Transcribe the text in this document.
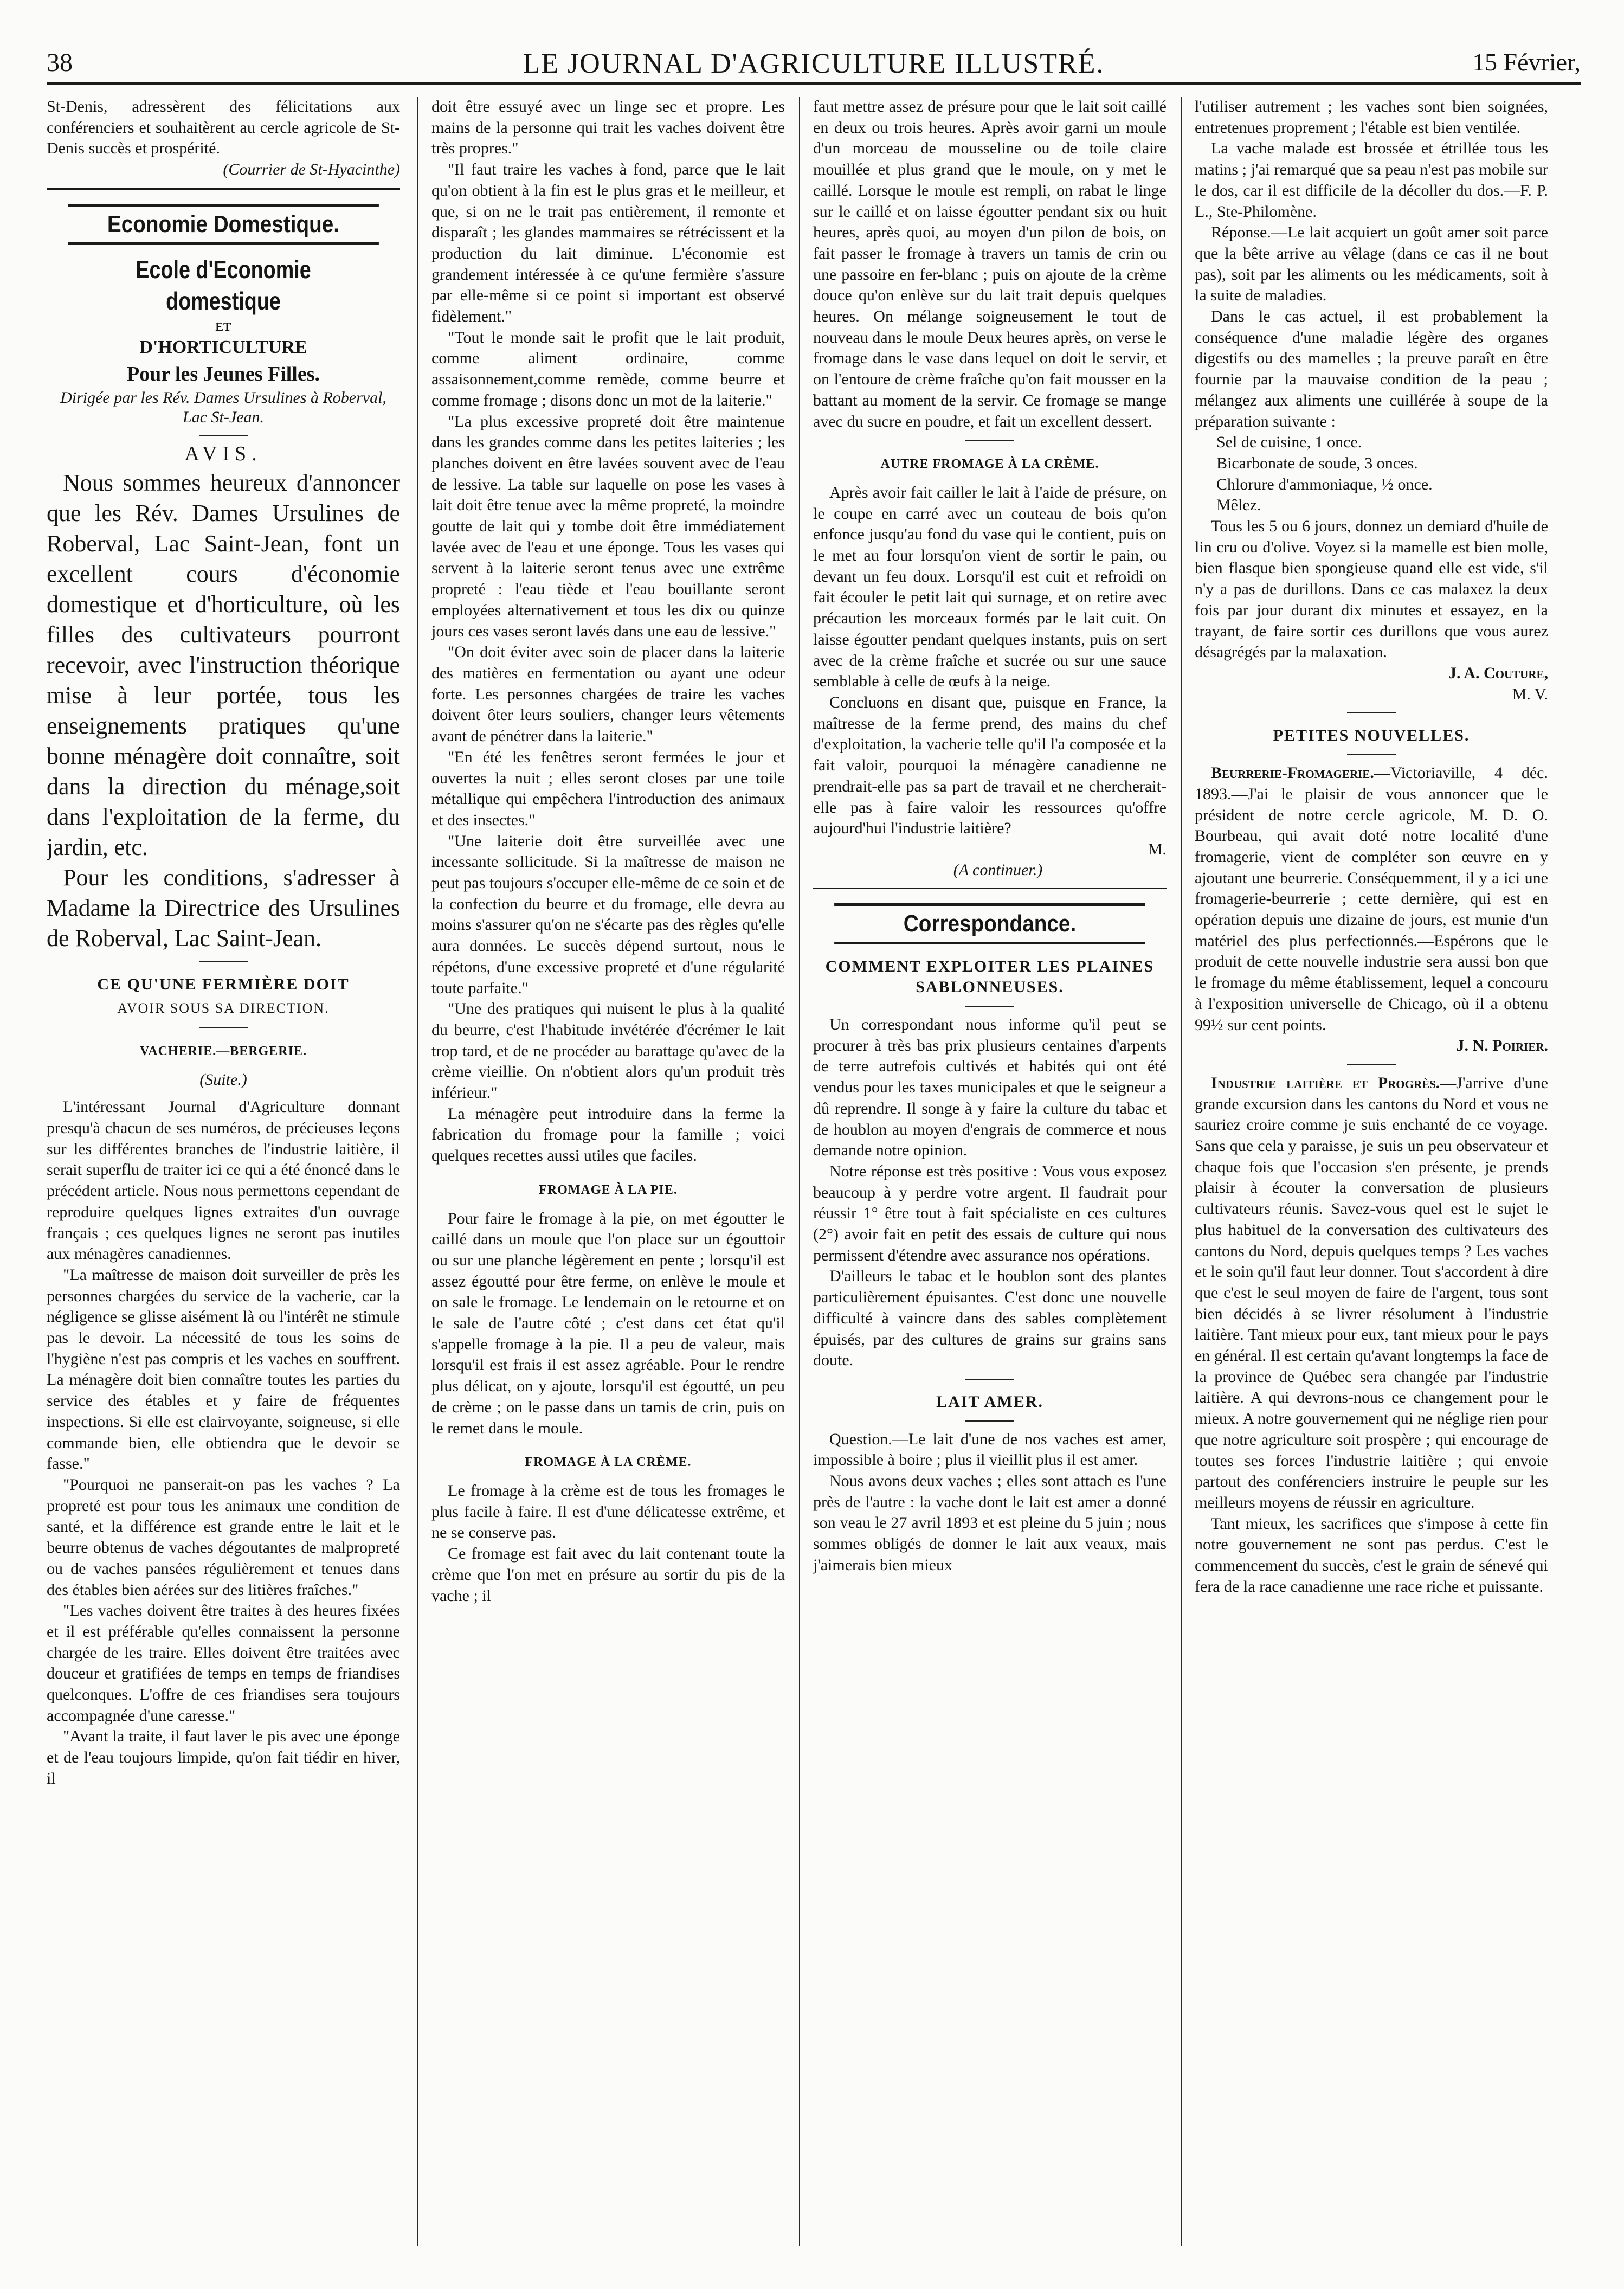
38	LE JOURNAL D'AGRICULTURE ILLUSTRÉ.	15 Février,

St-Denis, adressèrent des félicitations aux conférenciers et souhaitèrent au cercle agricole de St-Denis succès et prospérité.

(Courrier de St-Hyacinthe)

Economie Domestique.
Ecole d'Economie domestique
ET
D'HORTICULTURE
Pour les Jeunes Filles.
Dirigée par les Rév. Dames Ursulines à Roberval, Lac St-Jean.
AVIS.

Nous sommes heureux d'annoncer que les Rév. Dames Ursulines de Roberval, Lac Saint-Jean, font un excellent cours d'économie domestique et d'horticulture, où les filles des cultivateurs pourront recevoir, avec l'instruction théorique mise à leur portée, tous les enseignements pratiques qu'une bonne ménagère doit connaître, soit dans la direction du ménage,soit dans l'exploitation de la ferme, du jardin, etc.

Pour les conditions, s'adresser à Madame la Directrice des Ursulines de Roberval, Lac Saint-Jean.

CE QU'UNE FERMIÈRE DOIT
AVOIR SOUS SA DIRECTION.
VACHERIE.—BERGERIE.
(Suite.)

L'intéressant Journal d'Agriculture donnant presqu'à chacun de ses numéros, de précieuses leçons sur les différentes branches de l'industrie laitière, il serait superflu de traiter ici ce qui a été énoncé dans le précédent article. Nous nous permettons cependant de reproduire quelques lignes extraites d'un ouvrage français ; ces quelques lignes ne seront pas inutiles aux ménagères canadiennes.

"La maîtresse de maison doit surveiller de près les personnes chargées du service de la vacherie, car la négligence se glisse aisément là ou l'intérêt ne stimule pas le devoir. La nécessité de tous les soins de l'hygiène n'est pas compris et les vaches en souffrent. La ménagère doit bien connaître toutes les parties du service des étables et y faire de fréquentes inspections. Si elle est clairvoyante, soigneuse, si elle commande bien, elle obtiendra que le devoir se fasse."

"Pourquoi ne panserait-on pas les vaches ? La propreté est pour tous les animaux une condition de santé, et la différence est grande entre le lait et le beurre obtenus de vaches dégoutantes de malpropreté ou de vaches pansées régulièrement et tenues dans des étables bien aérées sur des litières fraîches."

"Les vaches doivent être traites à des heures fixées et il est préférable qu'elles connaissent la personne chargée de les traire. Elles doivent être traitées avec douceur et gratifiées de temps en temps de friandises quelconques. L'offre de ces friandises sera toujours accompagnée d'une caresse."

"Avant la traite, il faut laver le pis avec une éponge et de l'eau toujours limpide, qu'on fait tiédir en hiver, il

doit être essuyé avec un linge sec et propre. Les mains de la personne qui trait les vaches doivent être très propres."

"Il faut traire les vaches à fond, parce que le lait qu'on obtient à la fin est le plus gras et le meilleur, et que, si on ne le trait pas entièrement, il remonte et disparaît ; les glandes mammaires se rétrécissent et la production du lait diminue. L'économie est grandement intéressée à ce qu'une fermière s'assure par elle-même si ce point si important est observé fidèlement."

"Tout le monde sait le profit que le lait produit, comme aliment ordinaire, comme assaisonnement,comme remède, comme beurre et comme fromage ; disons donc un mot de la laiterie."

"La plus excessive propreté doit être maintenue dans les grandes comme dans les petites laiteries ; les planches doivent en être lavées souvent avec de l'eau de lessive. La table sur laquelle on pose les vases à lait doit être tenue avec la même propreté, la moindre goutte de lait qui y tombe doit être immédiatement lavée avec de l'eau et une éponge. Tous les vases qui servent à la laiterie seront tenus avec une extrême propreté : l'eau tiède et l'eau bouillante seront employées alternativement et tous les dix ou quinze jours ces vases seront lavés dans une eau de lessive."

"On doit éviter avec soin de placer dans la laiterie des matières en fermentation ou ayant une odeur forte. Les personnes chargées de traire les vaches doivent ôter leurs souliers, changer leurs vêtements avant de pénétrer dans la laiterie."

"En été les fenêtres seront fermées le jour et ouvertes la nuit ; elles seront closes par une toile métallique qui empêchera l'introduction des animaux et des insectes."

"Une laiterie doit être surveillée avec une incessante sollicitude. Si la maîtresse de maison ne peut pas toujours s'occuper elle-même de ce soin et de la confection du beurre et du fromage, elle devra au moins s'assurer qu'on ne s'écarte pas des règles qu'elle aura données. Le succès dépend surtout, nous le répétons, d'une excessive propreté et d'une régularité toute parfaite."

"Une des pratiques qui nuisent le plus à la qualité du beurre, c'est l'habitude invétérée d'écrémer le lait trop tard, et de ne procéder au barattage qu'avec de la crème vieillie. On n'obtient alors qu'un produit très inférieur."

La ménagère peut introduire dans la ferme la fabrication du fromage pour la famille ; voici quelques recettes aussi utiles que faciles.

FROMAGE À LA PIE.

Pour faire le fromage à la pie, on met égoutter le caillé dans un moule que l'on place sur un égouttoir ou sur une planche légèrement en pente ; lorsqu'il est assez égoutté pour être ferme, on enlève le moule et on sale le fromage. Le lendemain on le retourne et on le sale de l'autre côté ; c'est dans cet état qu'il s'appelle fromage à la pie. Il a peu de valeur, mais lorsqu'il est frais il est assez agréable. Pour le rendre plus délicat, on y ajoute, lorsqu'il est égoutté, un peu de crème ; on le passe dans un tamis de crin, puis on le remet dans le moule.

FROMAGE À LA CRÈME.

Le fromage à la crème est de tous les fromages le plus facile à faire. Il est d'une délicatesse extrême, et ne se conserve pas.

Ce fromage est fait avec du lait contenant toute la crème que l'on met en présure au sortir du pis de la vache ; il

faut mettre assez de présure pour que le lait soit caillé en deux ou trois heures. Après avoir garni un moule d'un morceau de mousseline ou de toile claire mouillée et plus grand que le moule, on y met le caillé. Lorsque le moule est rempli, on rabat le linge sur le caillé et on laisse égoutter pendant six ou huit heures, après quoi, au moyen d'un pilon de bois, on fait passer le fromage à travers un tamis de crin ou une passoire en fer-blanc ; puis on ajoute de la crème douce qu'on enlève sur du lait trait depuis quelques heures. On mélange soigneusement le tout de nouveau dans le moule Deux heures après, on verse le fromage dans le vase dans lequel on doit le servir, et on l'entoure de crème fraîche qu'on fait mousser en la battant au moment de la servir. Ce fromage se mange avec du sucre en poudre, et fait un excellent dessert.

AUTRE FROMAGE À LA CRÈME.

Après avoir fait cailler le lait à l'aide de présure, on le coupe en carré avec un couteau de bois qu'on enfonce jusqu'au fond du vase qui le contient, puis on le met au four lorsqu'on vient de sortir le pain, ou devant un feu doux. Lorsqu'il est cuit et refroidi on fait écouler le petit lait qui surnage, et on retire avec précaution les morceaux formés par le lait cuit. On laisse égoutter pendant quelques instants, puis on sert avec de la crème fraîche et sucrée ou sur une sauce semblable à celle de œufs à la neige.

Concluons en disant que, puisque en France, la maîtresse de la ferme prend, des mains du chef d'exploitation, la vacherie telle qu'il l'a composée et la fait valoir, pourquoi la ménagère canadienne ne prendrait-elle pas sa part de travail et ne chercherait-elle pas à faire valoir les ressources qu'offre aujourd'hui l'industrie laitière?

M.

(A continuer.)

Correspondance.
COMMENT EXPLOITER LES PLAINES SABLONNEUSES.

Un correspondant nous informe qu'il peut se procurer à très bas prix plusieurs centaines d'arpents de terre autrefois cultivés et habités qui ont été vendus pour les taxes municipales et que le seigneur a dû reprendre. Il songe à y faire la culture du tabac et de houblon au moyen d'engrais de commerce et nous demande notre opinion.

Notre réponse est très positive : Vous vous exposez beaucoup à y perdre votre argent. Il faudrait pour réussir 1° être tout à fait spécialiste en ces cultures (2°) avoir fait en petit des essais de culture qui nous permissent d'étendre avec assurance nos opérations.

D'ailleurs le tabac et le houblon sont des plantes particulièrement épuisantes. C'est donc une nouvelle difficulté à vaincre dans des sables complètement épuisés, par des cultures de grains sur grains sans doute.

LAIT AMER.

Question.—Le lait d'une de nos vaches est amer, impossible à boire ; plus il vieillit plus il est amer.

Nous avons deux vaches ; elles sont attach es l'une près de l'autre : la vache dont le lait est amer a donné son veau le 27 avril 1893 et est pleine du 5 juin ; nous sommes obligés de donner le lait aux veaux, mais j'aimerais bien mieux

l'utiliser autrement ; les vaches sont bien soignées, entretenues proprement ; l'étable est bien ventilée.

La vache malade est brossée et étrillée tous les matins ; j'ai remarqué que sa peau n'est pas mobile sur le dos, car il est difficile de la décoller du dos.—F. P. L., Ste-Philomène.

Réponse.—Le lait acquiert un goût amer soit parce que la bête arrive au vêlage (dans ce cas il ne bout pas), soit par les aliments ou les médicaments, soit à la suite de maladies.

Dans le cas actuel, il est probablement la conséquence d'une maladie légère des organes digestifs ou des mamelles ; la preuve paraît en être fournie par la mauvaise condition de la peau ; mélangez aux aliments une cuillérée à soupe de la préparation suivante :

Sel de cuisine, 1 once.
Bicarbonate de soude, 3 onces.
Chlorure d'ammoniaque, ½ once.
Mêlez.

Tous les 5 ou 6 jours, donnez un demiard d'huile de lin cru ou d'olive. Voyez si la mamelle est bien molle, bien flasque bien spongieuse quand elle est vide, s'il n'y a pas de durillons. Dans ce cas malaxez la deux fois par jour durant dix minutes et essayez, en la trayant, de faire sortir ces durillons que vous aurez désagrégés par la malaxation.

J. A. Couture,

M. V.

PETITES NOUVELLES.

Beurrerie-Fromagerie.—Victoriaville, 4 déc. 1893.—J'ai le plaisir de vous annoncer que le président de notre cercle agricole, M. D. O. Bourbeau, qui avait doté notre localité d'une fromagerie, vient de compléter son œuvre en y ajoutant une beurrerie. Conséquemment, il y a ici une fromagerie-beurrerie ; cette dernière, qui est en opération depuis une dizaine de jours, est munie d'un matériel des plus perfectionnés.—Espérons que le produit de cette nouvelle industrie sera aussi bon que le fromage du même établissement, lequel a concouru à l'exposition universelle de Chicago, où il a obtenu 99½ sur cent points.

J. N. Poirier.

Industrie laitière et Progrès.—J'arrive d'une grande excursion dans les cantons du Nord et vous ne sauriez croire comme je suis enchanté de ce voyage. Sans que cela y paraisse, je suis un peu observateur et chaque fois que l'occasion s'en présente, je prends plaisir à écouter la conversation de plusieurs cultivateurs réunis. Savez-vous quel est le sujet le plus habituel de la conversation des cultivateurs des cantons du Nord, depuis quelques temps ? Les vaches et le soin qu'il faut leur donner. Tout s'accordent à dire que c'est le seul moyen de faire de l'argent, tous sont bien décidés à se livrer résolument à l'industrie laitière. Tant mieux pour eux, tant mieux pour le pays en général. Il est certain qu'avant longtemps la face de la province de Québec sera changée par l'industrie laitière. A qui devrons-nous ce changement pour le mieux. A notre gouvernement qui ne néglige rien pour que notre agriculture soit prospère ; qui encourage de toutes ses forces l'industrie laitière ; qui envoie partout des conférenciers instruire le peuple sur les meilleurs moyens de réussir en agriculture.

Tant mieux, les sacrifices que s'impose à cette fin notre gouvernement ne sont pas perdus. C'est le commencement du succès, c'est le grain de sénevé qui fera de la race canadienne une race riche et puissante.
